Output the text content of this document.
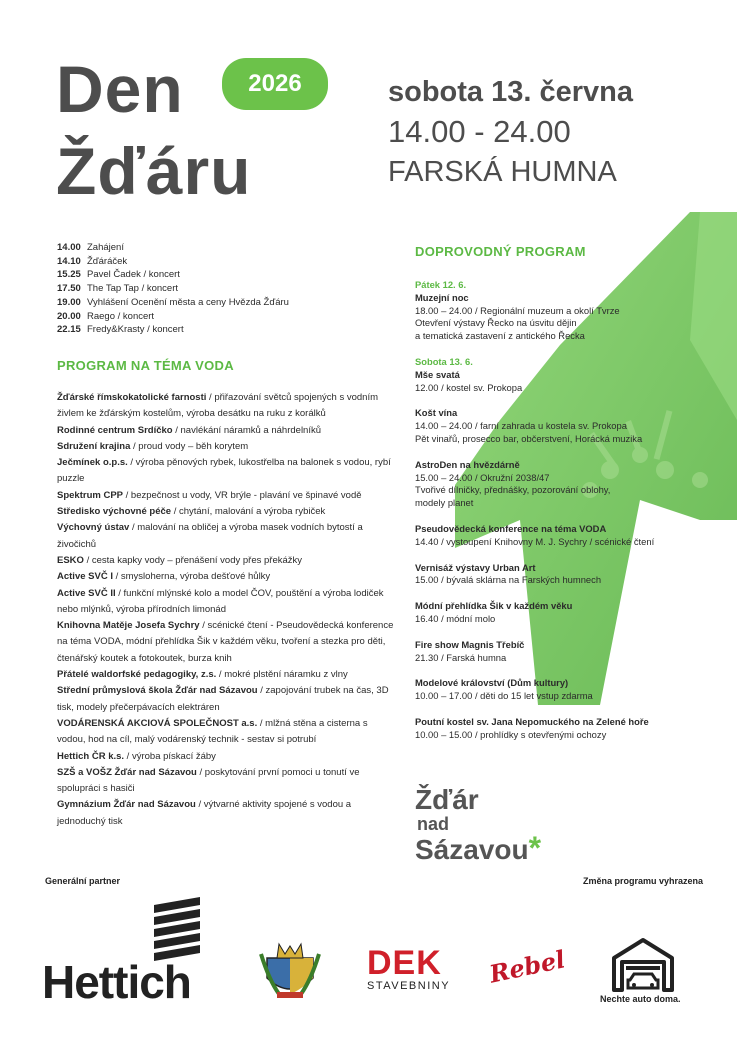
Den
Žďáru
2026	sobota 13. června
14.00 - 24.00
FARSKÁ HUMNA
14.00 Zahájení
14.10 Žďáráček
15.25 Pavel Čadek / koncert
17.50 The Tap Tap / koncert
19.00 Vyhlášení Ocenění města a ceny Hvězda Žďáru
20.00 Raego / koncert
22.15 Fredy&Krasty / koncert
PROGRAM NA TÉMA VODA

Žďárské římskokatolické farnosti / přiřazování světců spojených s vodním živlem ke žďárským kostelům, výroba desátku na ruku z korálků

Rodinné centrum Srdíčko / navlékání náramků a náhrdelníků

Sdružení krajina / proud vody – běh korytem

Ječmínek o.p.s. / výroba pěnových rybek, lukostřelba na balonek s vodou, rybí puzzle

Spektrum CPP / bezpečnost u vody, VR brýle - plavání ve špinavé vodě

Středisko výchovné péče / chytání, malování a výroba rybiček

Výchovný ústav / malování na obličej a výroba masek vodních bytostí a živočichů

ESKO / cesta kapky vody – přenášení vody přes překážky

Active SVČ I / smysloherna, výroba dešťové hůlky

Active SVČ II / funkční mlýnské kolo a model ČOV, pouštění a výroba lodiček nebo mlýnků, výroba přírodních limonád

Knihovna Matěje Josefa Sychry / scénické čtení - Pseudovědecká konference na téma VODA, módní přehlídka Šik v každém věku, tvoření a stezka pro děti, čtenářský koutek a fotokoutek, burza knih

Přátelé waldorfské pedagogiky, z.s. / mokré plstění náramku z vlny

Střední průmyslová škola Žďár nad Sázavou / zapojování trubek na čas, 3D tisk, modely přečerpávacích elektráren

VODÁRENSKÁ AKCIOVÁ SPOLEČNOST a.s. / mlžná stěna a cisterna s vodou, hod na cíl, malý vodárenský technik - sestav si potrubí

Hettich ČR k.s. / výroba pískací žáby

SZŠ a VOŠZ Žďár nad Sázavou / poskytování první pomoci u tonutí ve spolupráci s hasiči

Gymnázium Žďár nad Sázavou / výtvarné aktivity spojené s vodou a jednoduchý tisk

DOPROVODNÝ PROGRAM
Pátek 12. 6.
Muzejní noc
18.00 – 24.00 / Regionální muzeum a okolí Tvrze
Otevření výstavy Řecko na úsvitu dějin
a tematická zastavení z antického Řecka
Sobota 13. 6.
Mše svatá
12.00 / kostel sv. Prokopa
Košt vína
14.00 – 24.00 / farní zahrada u kostela sv. Prokopa
Pět vinařů, prosecco bar, občerstvení, Horácká muzika
AstroDen na hvězdárně
15.00 – 24.00 / Okružní 2038/47
Tvořivé dílničky, přednášky, pozorování oblohy,
modely planet
Pseudovědecká konference na téma VODA
14.40 / vystoupení Knihovny M. J. Sychry / scénické čtení
Vernisáž výstavy Urban Art
15.00 / bývalá sklárna na Farských humnech
Módní přehlídka Šik v každém věku
16.40 / módní molo
Fire show Magnis Třebíč
21.30 / Farská humna
Modelové království (Dům kultury)
10.00 – 17.00 / děti do 15 let vstup zdarma
Poutní kostel sv. Jana Nepomuckého na Zelené hoře
10.00 – 15.00 / prohlídky s otevřenými ochozy
Žďár
nad
Sázavou*
Generální partner	Změna programu vyhrazena
Hettich	DEK
STAVEBNINY Rebel
Nechte auto doma.
